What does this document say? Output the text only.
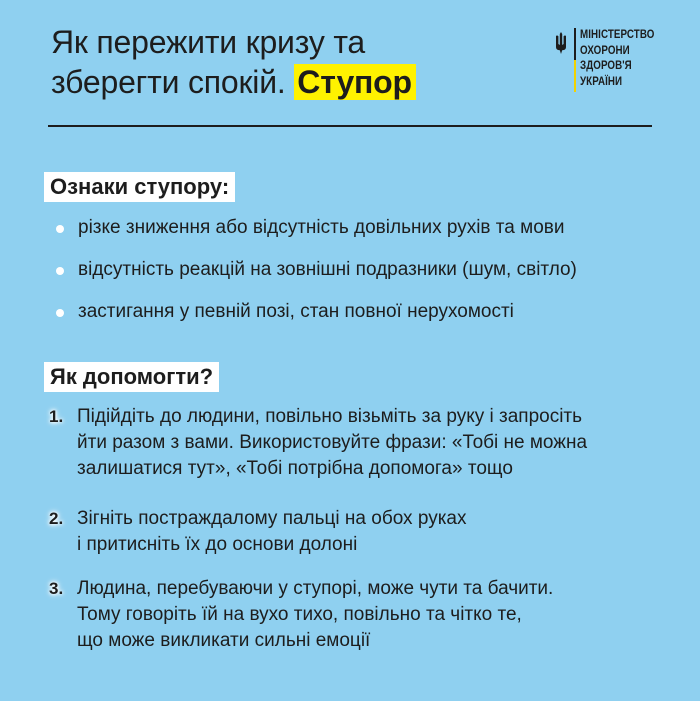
Як пережити кризу та
зберегти спокій. Ступор
МІНІСТЕРСТВО
ОХОРОНИ
ЗДОРОВ'Я
УКРАЇНИ
Ознаки ступору:
різке зниження або відсутність довільних рухів та мови
відсутність реакцій на зовнішні подразники (шум, світло)
застигання у певній позі, стан повної нерухомості
Як допомогти?
1. Підійдіть до людини, повільно візьміть за руку і запросіть
йти разом з вами. Використовуйте фрази: «Тобі не можна
залишатися тут», «Тобі потрібна допомога» тощо
2. Зігніть постраждалому пальці на обох руках
і притисніть їх до основи долоні
3. Людина, перебуваючи у ступорі, може чути та бачити.
Тому говоріть їй на вухо тихо, повільно та чітко те,
що може викликати сильні емоції
